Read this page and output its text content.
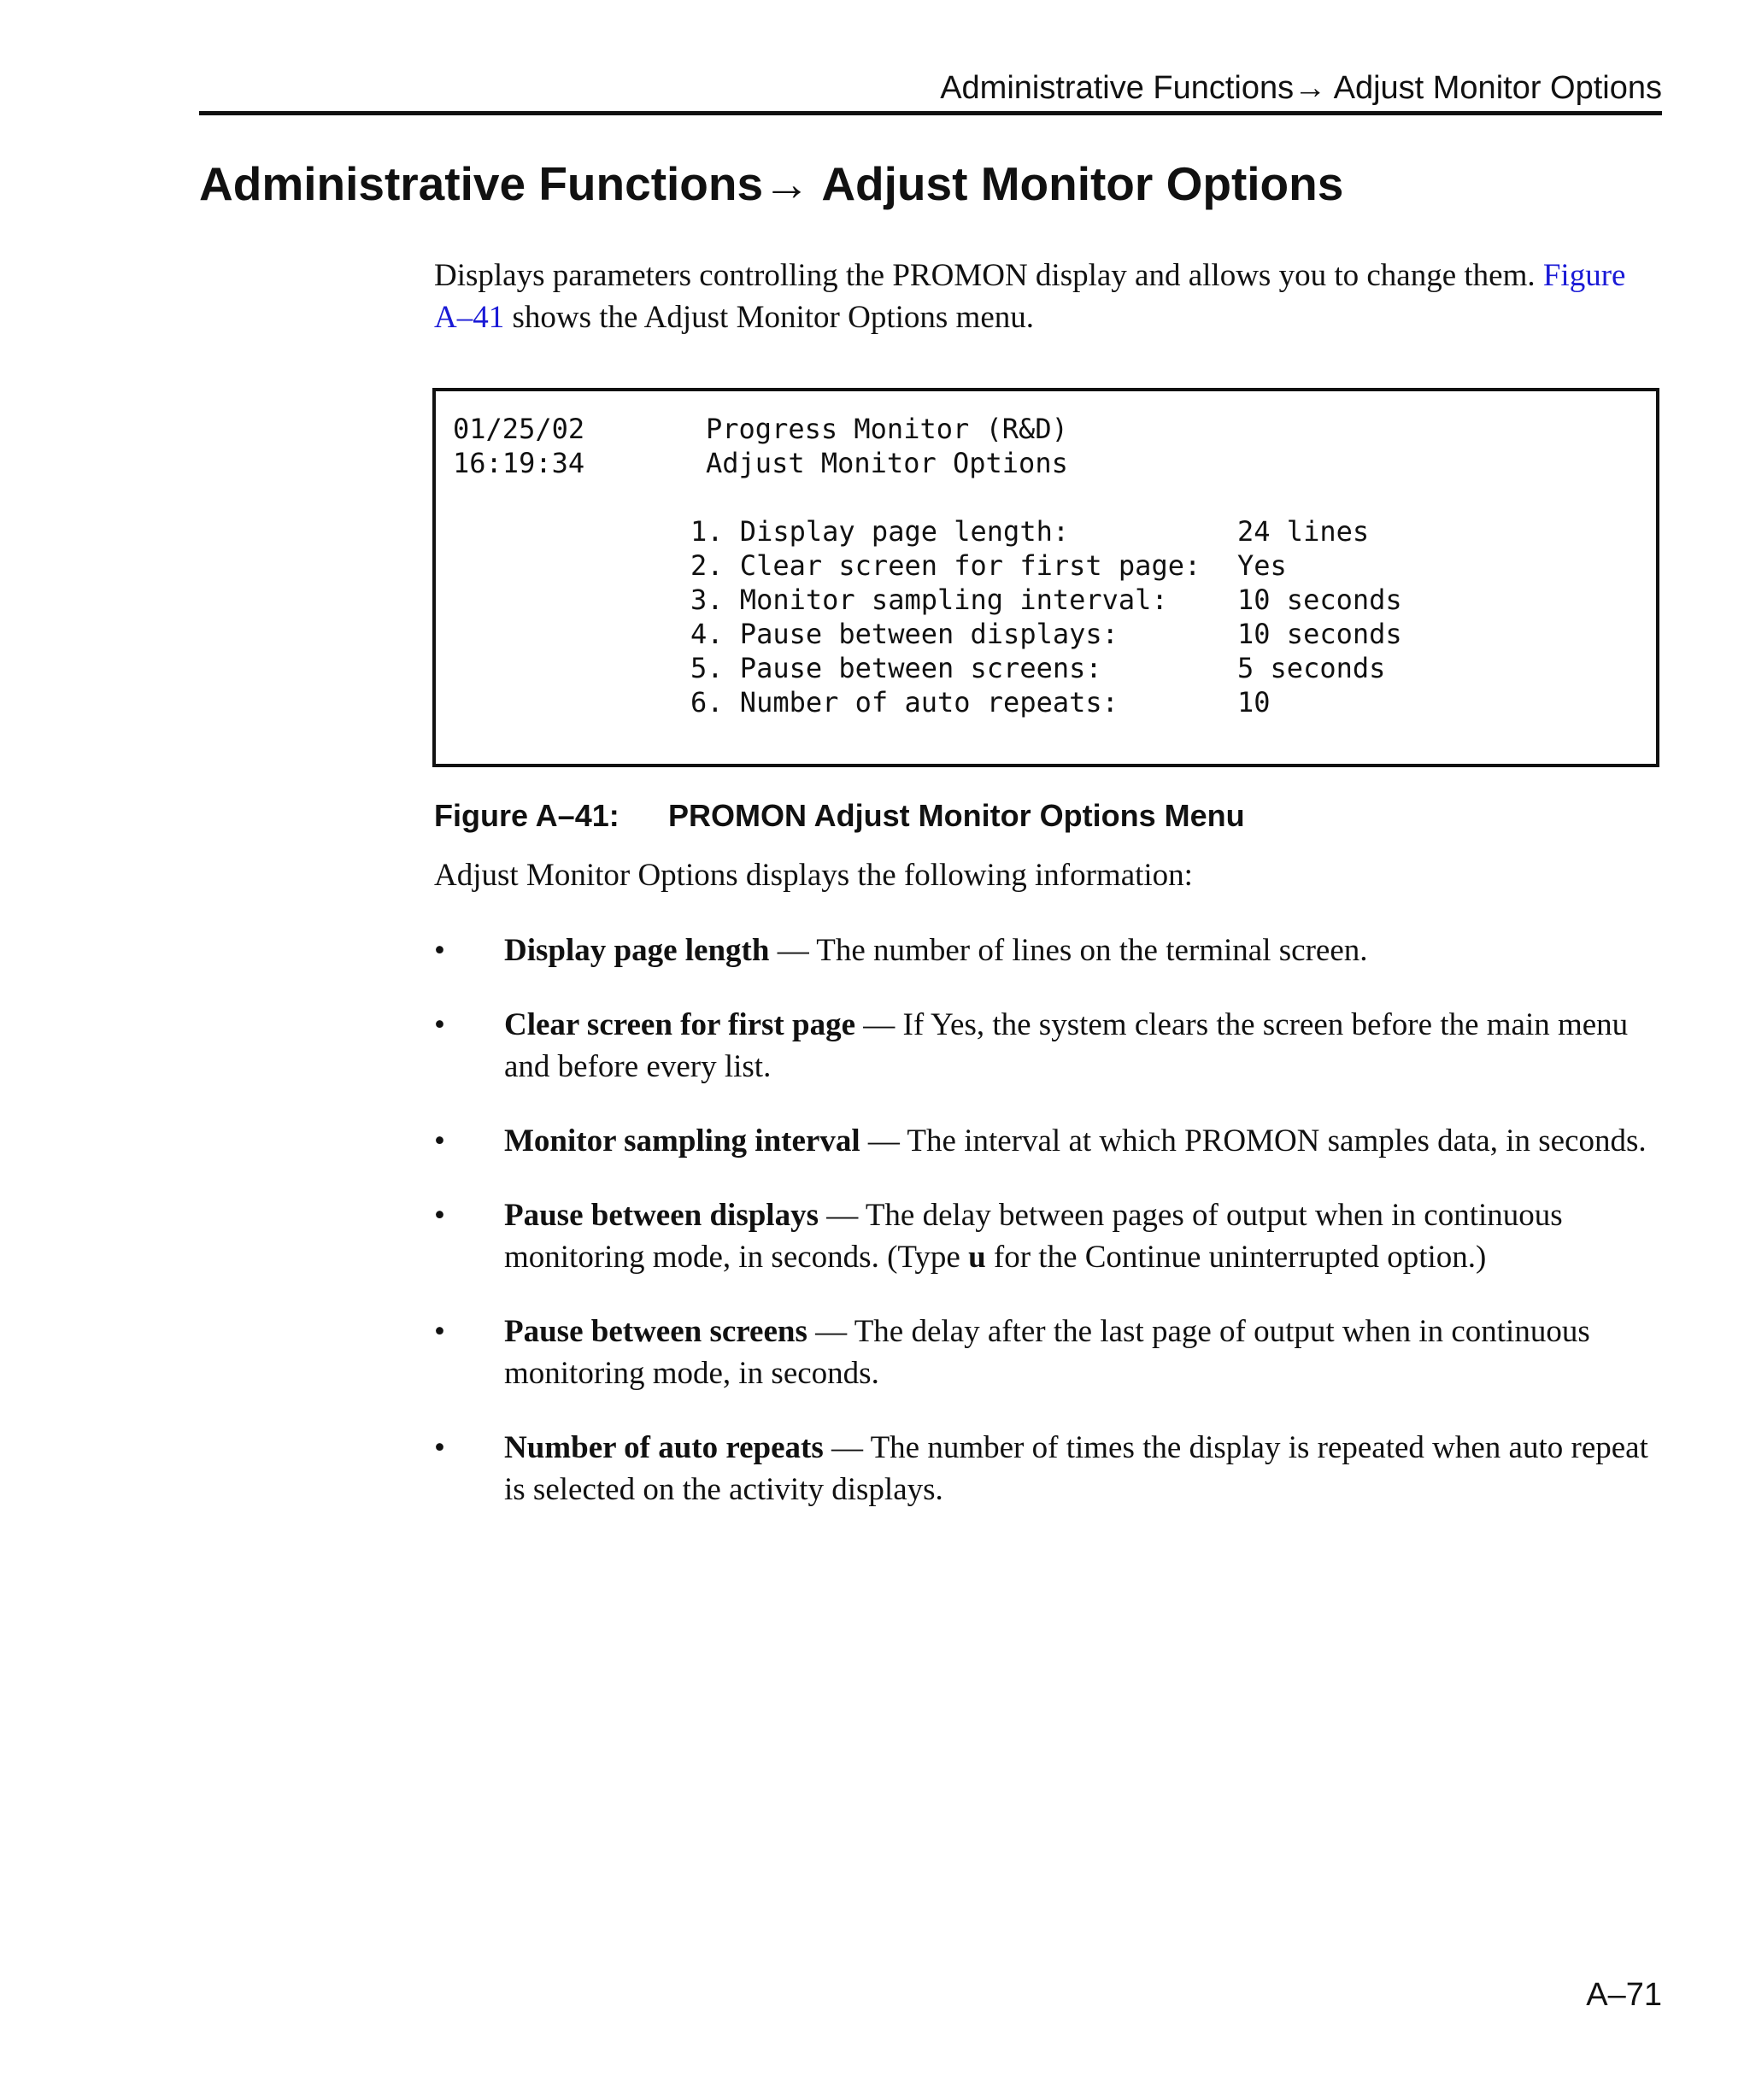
Administrative Functions→ Adjust Monitor Options
Administrative Functions→ Adjust Monitor Options

Displays parameters controlling the PROMON display and allows you to change them. Figure A–41 shows the Adjust Monitor Options menu.

01/25/02
16:19:34
Progress Monitor (R&D)
Adjust Monitor Options
1. Display page length:	24 lines
2. Clear screen for first page: Yes
3. Monitor sampling interval:	10 seconds
4. Pause between displays:	10 seconds
5. Pause between screens:	5 seconds
6. Number of auto repeats:	10
Figure A–41: PROMON Adjust Monitor Options Menu

Adjust Monitor Options displays the following information:

•	Display page length — The number of lines on the terminal screen.
•	Clear screen for first page — If Yes, the system clears the screen before the main menu and before every list.
•	Monitor sampling interval — The interval at which PROMON samples data, in seconds.
•	Pause between displays — The delay between pages of output when in continuous monitoring mode, in seconds. (Type u for the Continue uninterrupted option.)
•	Pause between screens — The delay after the last page of output when in continuous monitoring mode, in seconds.
•	Number of auto repeats — The number of times the display is repeated when auto repeat is selected on the activity displays.
A–71
